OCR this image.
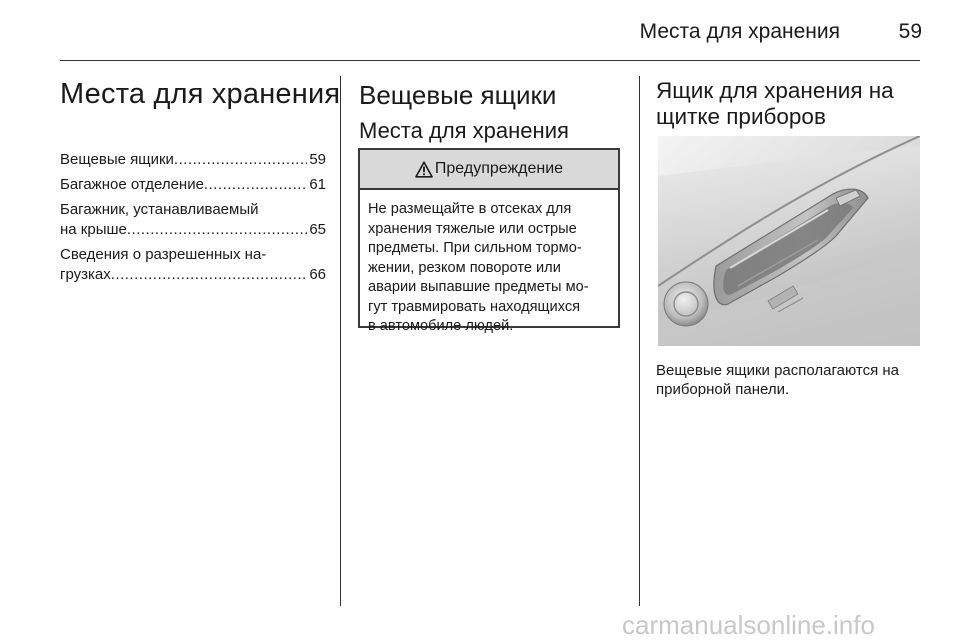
Места для хранения	59
Места для хранения
Вещевые ящики .....	59
Багажное отделение .....	61
Багажник, устанавливаемый
на крыше .....	65
Сведения о разрешенных на-
грузках .....	66
Вещевые ящики
Места для хранения
Предупреждение
Не размещайте в отсеках для
хранения тяжелые или острые
предметы. При сильном тормо-
жении, резком повороте или
аварии выпавшие предметы мо-
гут травмировать находящихся
в автомобиле людей.
Ящик для хранения на
щитке приборов
Вещевые ящики располагаются на
приборной панели.
carmanualsonline.info
